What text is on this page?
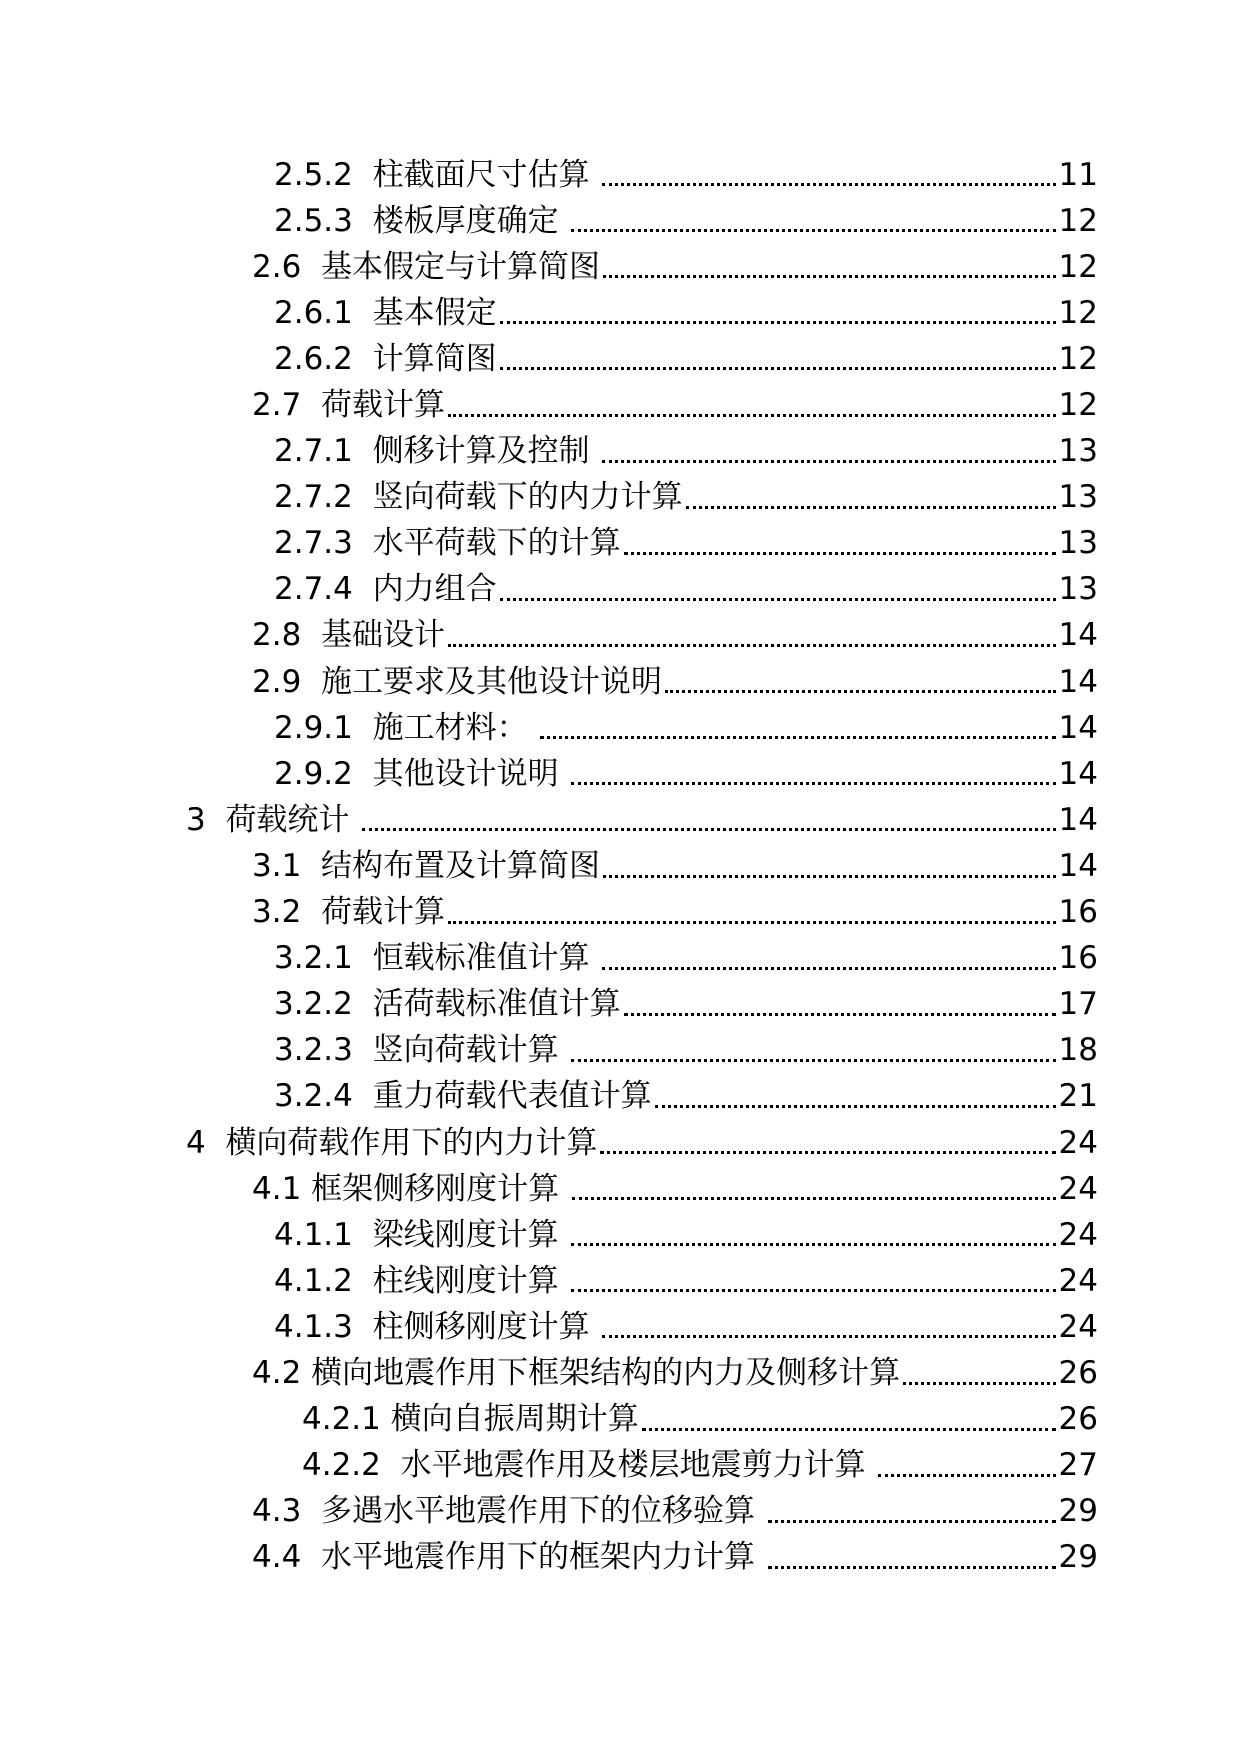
2.5.2 柱截面尺寸估算	11
2.5.3 楼板厚度确定	12
2.6 基本假定与计算简图	12
2.6.1 基本假定	12
2.6.2 计算简图	12
2.7 荷载计算	12
2.7.1 侧移计算及控制	13
2.7.2 竖向荷载下的内力计算	13
2.7.3 水平荷载下的计算	13
2.7.4 内力组合	13
2.8 基础设计	14
2.9 施工要求及其他设计说明	14
2.9.1 施工材料：	14
2.9.2 其他设计说明	14
3 荷载统计	14
3.1 结构布置及计算简图	14
3.2 荷载计算	16
3.2.1 恒载标准值计算	16
3.2.2 活荷载标准值计算	17
3.2.3 竖向荷载计算	18
3.2.4 重力荷载代表值计算	21
4 横向荷载作用下的内力计算	24
4.1 框架侧移刚度计算	24
4.1.1 梁线刚度计算	24
4.1.2 柱线刚度计算	24
4.1.3 柱侧移刚度计算	24
4.2 横向地震作用下框架结构的内力及侧移计算	26
4.2.1 横向自振周期计算	26
4.2.2 水平地震作用及楼层地震剪力计算	27
4.3 多遇水平地震作用下的位移验算	29
4.4 水平地震作用下的框架内力计算	29
